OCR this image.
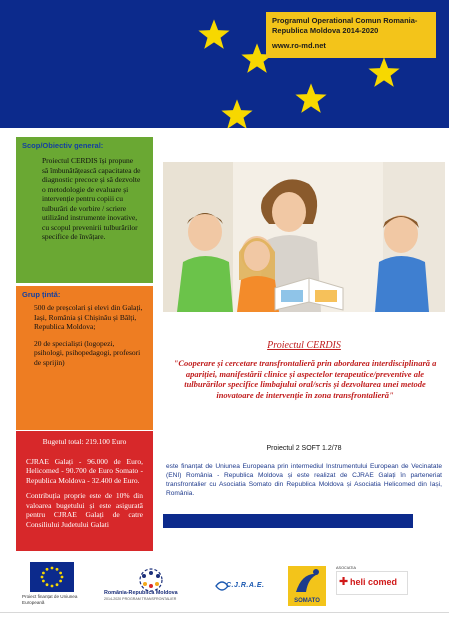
Programul Operational Comun Romania-
Republica Moldova 2014-2020
www.ro-md.net
Scop/Obiectiv general:

Proiectul CERDIS își propune să îmbunătățească capacitatea de diagnostic precoce și să dezvolte o metodologie de evaluare și intervenție pentru copiii cu tulburări de vorbire / scriere utilizând instrumente inovative, cu scopul prevenirii tulburărilor specifice de învățare.

Grup țintă:

500 de preșcolari și elevi din Galați, Iași, România și Chișinău și Bălți, Republica Moldova;

20 de specialiști (logopezi, psihologi, psihopedagogi, profesori de sprijin)

Bugetul total: 219.100 Euro

CJRAE Galați - 96.000 de Euro, Helicomed - 90.700 de Euro Somato - Republica Moldova - 32.400 de Euro.

Contribuția proprie este de 10% din valoarea bugetului și este asigurată pentru CJRAE Galați de catre Consiliului Judetului Galati

Proiectul CERDIS
"Cooperare și cercetare transfrontalieră prin abordarea interdisciplinară a apariției, manifestării clinice și aspectelor terapeutice/preventive ale tulburărilor specifice limbajului oral/scris și dezvoltarea unei metode inovatoare de intervenție în zona transfrontalieră"
Proiectul 2 SOFT 1.2/78
este finanțat de Uniunea Europeana prin intermediul Instrumentului European de Vecinatate (ENI) România - Republica Moldova și este realizat de CJRAE Galați în parteneriat transfrontalier cu Asociatia Somato din Republica Moldova și Asociatia Helicomed din Iași, România.
Proiect finanțat de Uniunea Europeană
România-Republica Moldova
2014-2020 PROGRAM TRANSFRONTALIER
C.J.R.A.E.
SOMATO
ASOCIATIA
✚ heli comed
